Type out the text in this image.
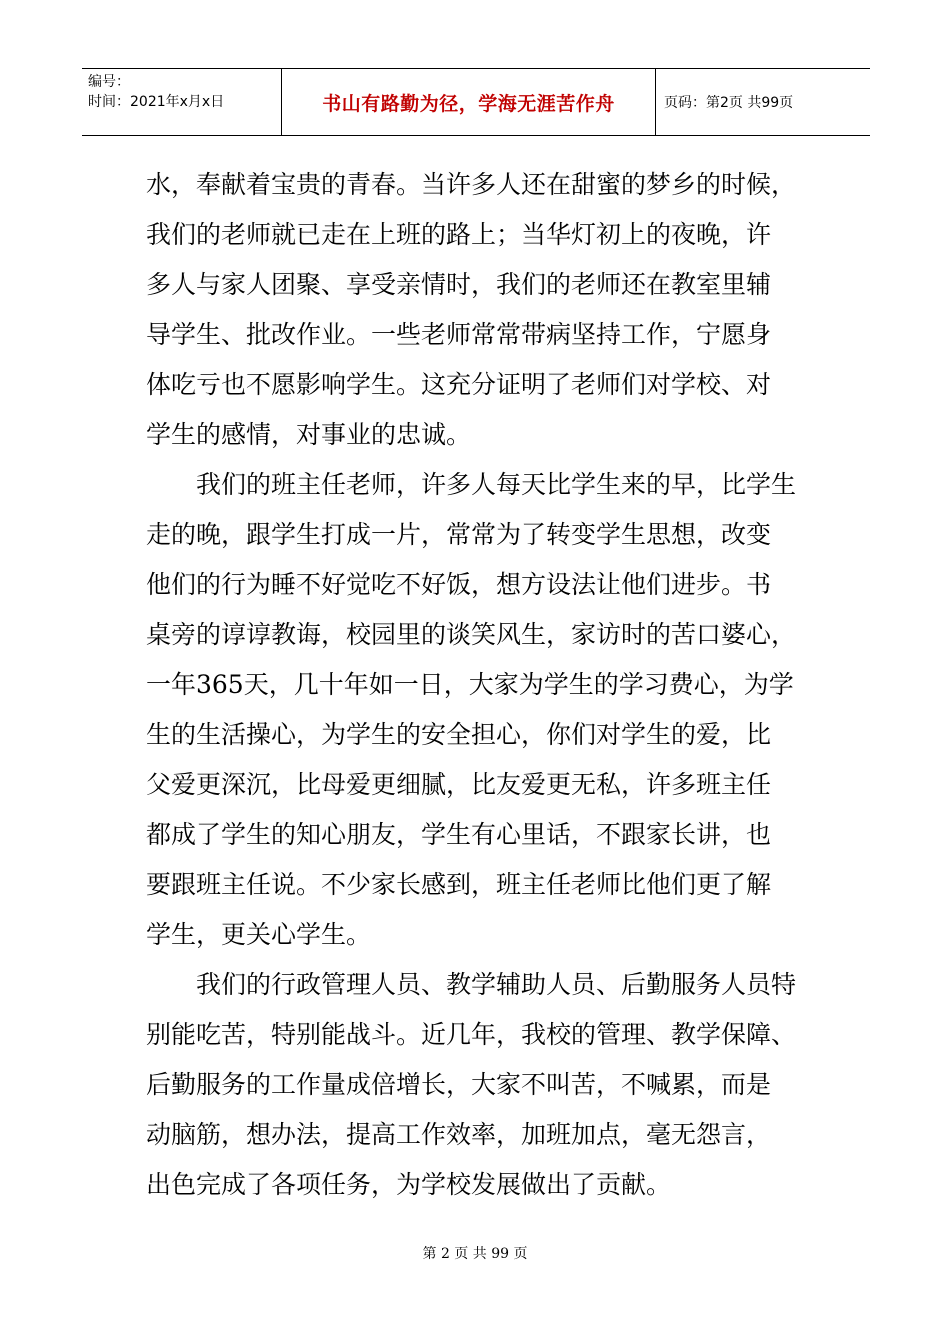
编号：
时间：2021年x月x日	书山有路勤为径，学海无涯苦作舟	页码：第2页 共99页
水，奉献着宝贵的青春。当许多人还在甜蜜的梦乡的时候，
我们的老师就已走在上班的路上；当华灯初上的夜晚，许
多人与家人团聚、享受亲情时，我们的老师还在教室里辅
导学生、批改作业。一些老师常常带病坚持工作，宁愿身
体吃亏也不愿影响学生。这充分证明了老师们对学校、对
学生的感情，对事业的忠诚。
　　我们的班主任老师，许多人每天比学生来的早，比学生
走的晚，跟学生打成一片，常常为了转变学生思想，改变
他们的行为睡不好觉吃不好饭，想方设法让他们进步。书
桌旁的谆谆教诲，校园里的谈笑风生，家访时的苦口婆心，
一年365天，几十年如一日，大家为学生的学习费心，为学
生的生活操心，为学生的安全担心，你们对学生的爱，比
父爱更深沉，比母爱更细腻，比友爱更无私，许多班主任
都成了学生的知心朋友，学生有心里话，不跟家长讲，也
要跟班主任说。不少家长感到，班主任老师比他们更了解
学生，更关心学生。
　　我们的行政管理人员、教学辅助人员、后勤服务人员特
别能吃苦，特别能战斗。近几年，我校的管理、教学保障、
后勤服务的工作量成倍增长，大家不叫苦，不喊累，而是
动脑筋，想办法，提高工作效率，加班加点，毫无怨言，
出色完成了各项任务，为学校发展做出了贡献。
第 2 页 共 99 页
